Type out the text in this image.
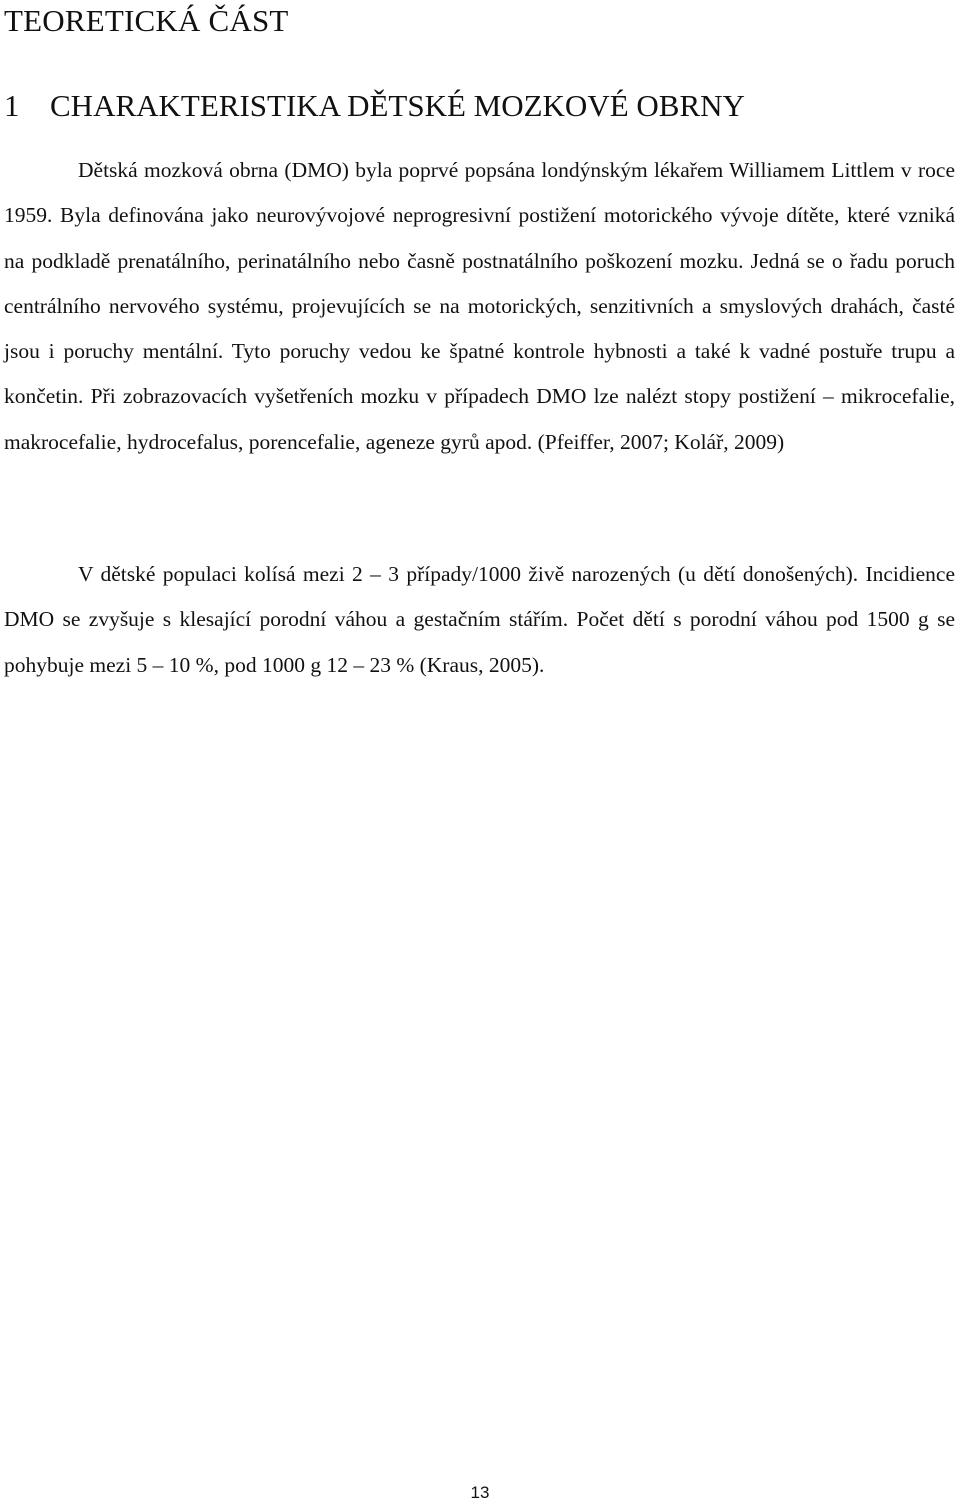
TEORETICKÁ ČÁST
1 CHARAKTERISTIKA DĚTSKÉ MOZKOVÉ OBRNY

Dětská mozková obrna (DMO) byla poprvé popsána londýnským lékařem Williamem Littlem v roce 1959. Byla definována jako neurovývojové neprogresivní postižení motorického vývoje dítěte, které vzniká na podkladě prenatálního, perinatálního nebo časně postnatálního poškození mozku. Jedná se o řadu poruch centrálního nervového systému, projevujících se na motorických, senzitivních a smyslových drahách, časté jsou i poruchy mentální. Tyto poruchy vedou ke špatné kontrole hybnosti a také k vadné postuře trupu a končetin. Při zobrazovacích vyšetřeních mozku v případech DMO lze nalézt stopy postižení – mikrocefalie, makrocefalie, hydrocefalus, porencefalie, ageneze gyrů apod. (Pfeiffer, 2007; Kolář, 2009)

V dětské populaci kolísá mezi 2 – 3 případy/1000 živě narozených (u dětí donošených). Incidience DMO se zvyšuje s klesající porodní váhou a gestačním stářím. Počet dětí s porodní váhou pod 1500 g se pohybuje mezi 5 – 10 %, pod 1000 g 12 – 23 % (Kraus, 2005).

13
